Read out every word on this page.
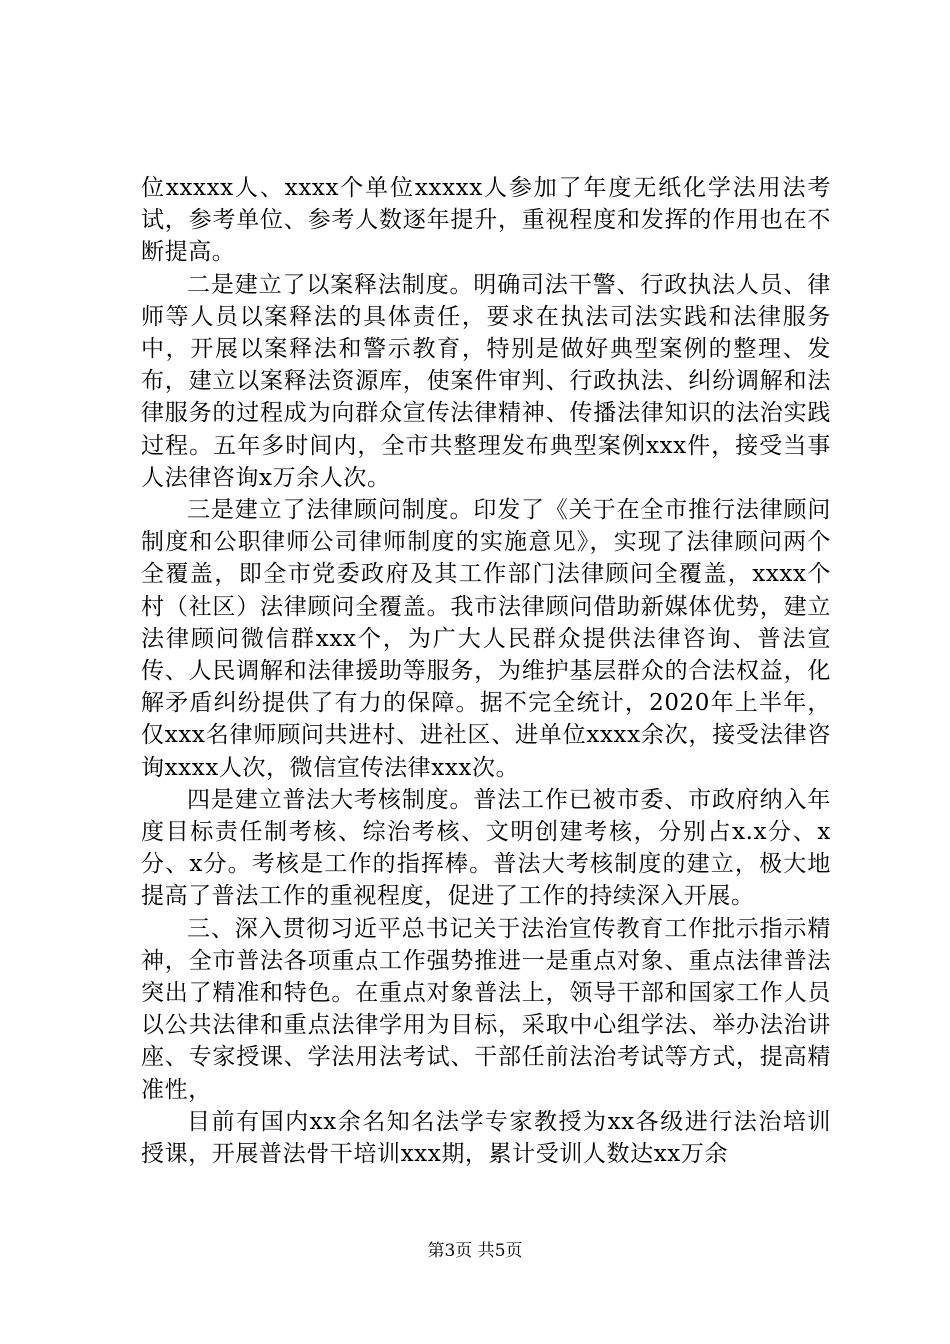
位xxxxx人、xxxx个单位xxxxx人参加了年度无纸化学法用法考试，参考单位、参考人数逐年提升，重视程度和发挥的作用也在不断提高。

二是建立了以案释法制度。明确司法干警、行政执法人员、律师等人员以案释法的具体责任，要求在执法司法实践和法律服务中，开展以案释法和警示教育，特别是做好典型案例的整理、发布，建立以案释法资源库，使案件审判、行政执法、纠纷调解和法律服务的过程成为向群众宣传法律精神、传播法律知识的法治实践过程。五年多时间内，全市共整理发布典型案例xxx件，接受当事人法律咨询x万余人次。

三是建立了法律顾问制度。印发了《关于在全市推行法律顾问制度和公职律师公司律师制度的实施意见》，实现了法律顾问两个全覆盖，即全市党委政府及其工作部门法律顾问全覆盖，xxxx个村（社区）法律顾问全覆盖。我市法律顾问借助新媒体优势，建立法律顾问微信群xxx个，为广大人民群众提供法律咨询、普法宣传、人民调解和法律援助等服务，为维护基层群众的合法权益，化解矛盾纠纷提供了有力的保障。据不完全统计，2020年上半年，仅xxx名律师顾问共进村、进社区、进单位xxxx余次，接受法律咨询xxxx人次，微信宣传法律xxx次。

四是建立普法大考核制度。普法工作已被市委、市政府纳入年度目标责任制考核、综治考核、文明创建考核，分别占x.x分、x分、x分。考核是工作的指挥棒。普法大考核制度的建立，极大地提高了普法工作的重视程度，促进了工作的持续深入开展。

三、深入贯彻习近平总书记关于法治宣传教育工作批示指示精神，全市普法各项重点工作强势推进一是重点对象、重点法律普法突出了精准和特色。在重点对象普法上，领导干部和国家工作人员以公共法律和重点法律学用为目标，采取中心组学法、举办法治讲座、专家授课、学法用法考试、干部任前法治考试等方式，提高精准性，

目前有国内xx余名知名法学专家教授为xx各级进行法治培训授课，开展普法骨干培训xxx期，累计受训人数达xx万余

第3页 共5页
